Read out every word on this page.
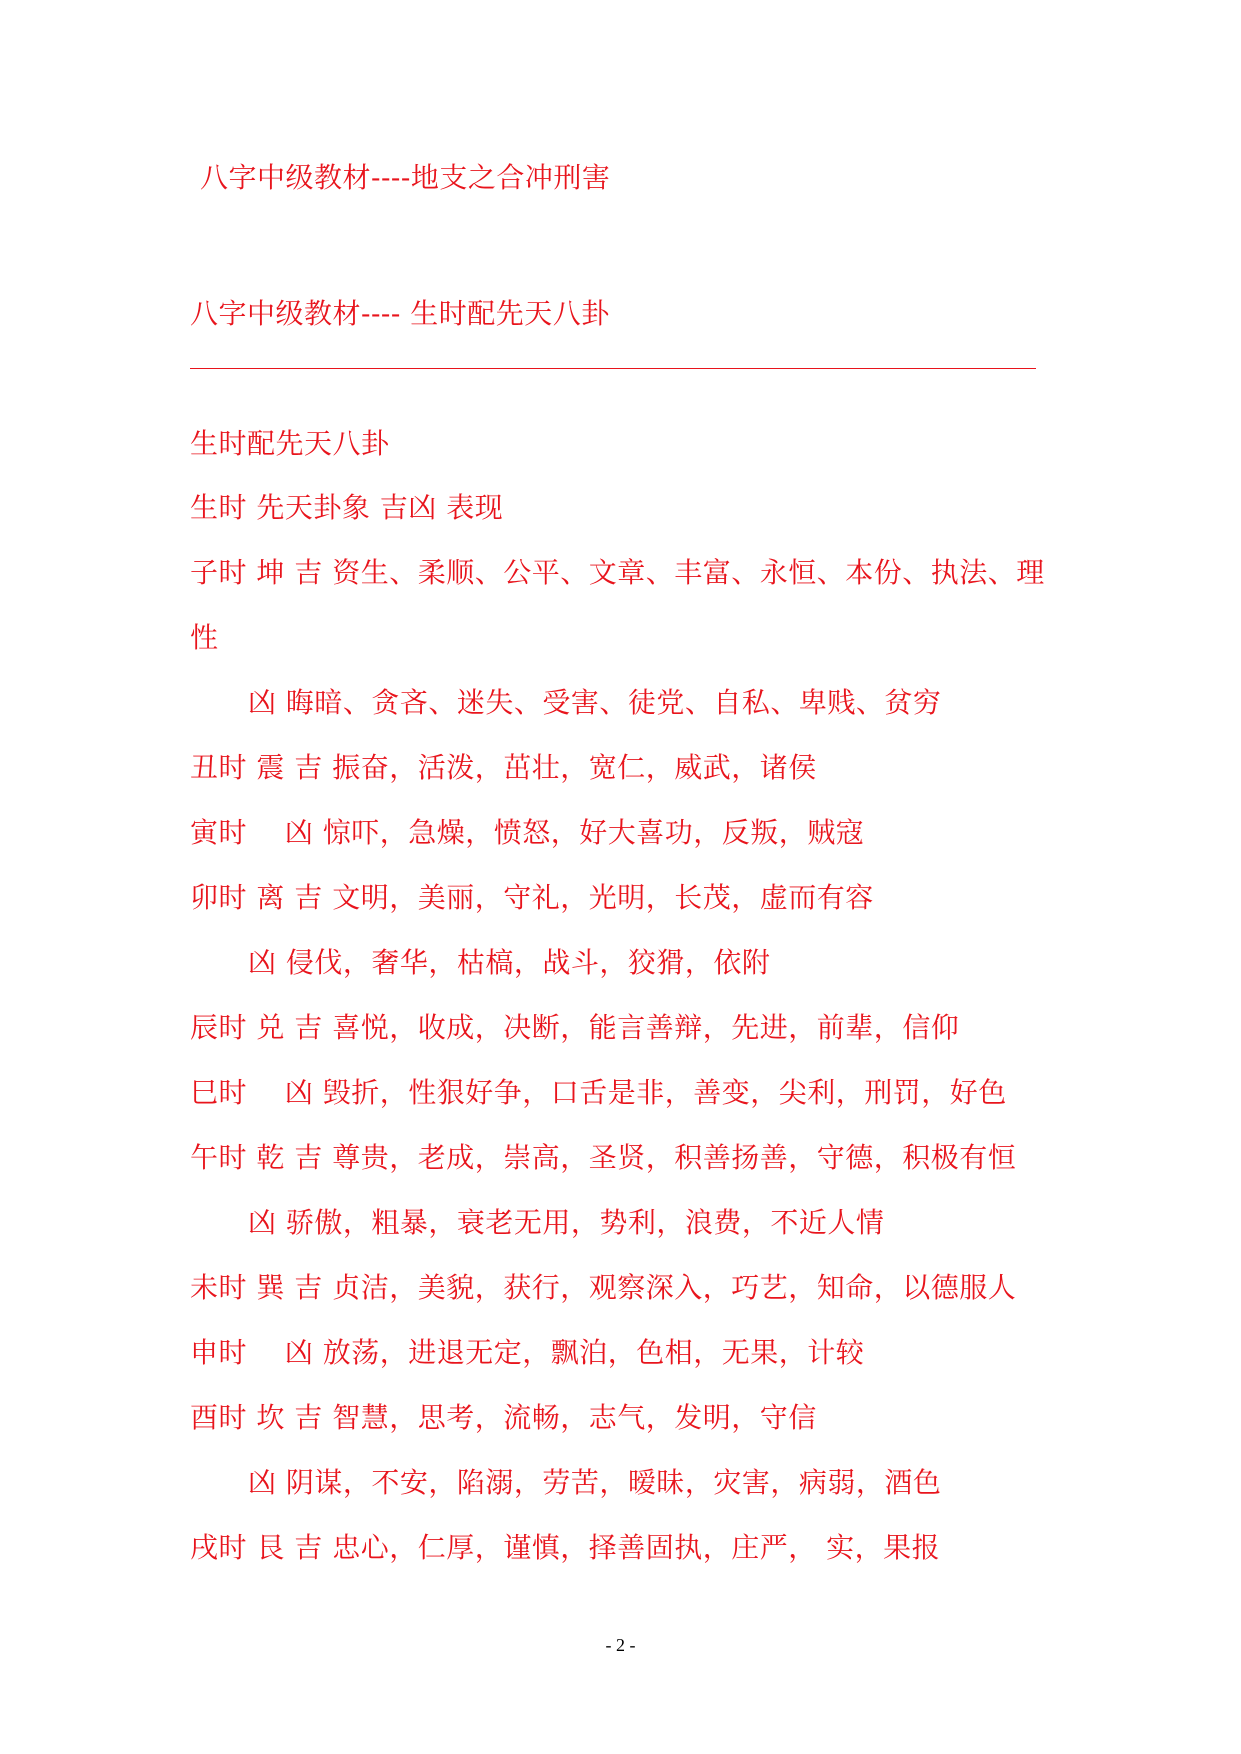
八字中级教材----地支之合冲刑害
八字中级教材---- 生时配先天八卦
生时配先天八卦
生时 先天卦象 吉凶 表现
子时 坤 吉 资生、柔顺、公平、文章、丰富、永恒、本份、执法、理
性
凶 晦暗、贪吝、迷失、受害、徒党、自私、卑贱、贫穷
丑时 震 吉 振奋，活泼，茁壮，宽仁，威武，诸侯
寅时　 凶 惊吓，急燥，愤怒，好大喜功，反叛，贼寇
卯时 离 吉 文明，美丽，守礼，光明，长茂，虚而有容
凶 侵伐，奢华，枯槁，战斗，狡猾，依附
辰时 兑 吉 喜悦，收成，决断，能言善辩，先进，前辈，信仰
巳时　 凶 毁折，性狠好争，口舌是非，善变，尖利，刑罚，好色
午时 乾 吉 尊贵，老成，崇高，圣贤，积善扬善，守德，积极有恒
凶 骄傲，粗暴，衰老无用，势利，浪费，不近人情
未时 巽 吉 贞洁，美貌，获行，观察深入，巧艺，知命，以德服人
申时　 凶 放荡，进退无定，飘泊，色相，无果，计较
酉时 坎 吉 智慧，思考，流畅，志气，发明，守信
凶 阴谋，不安，陷溺，劳苦，暧昧，灾害，病弱，酒色
戌时 艮 吉 忠心，仁厚，谨慎，择善固执，庄严， 实，果报
- 2 -
